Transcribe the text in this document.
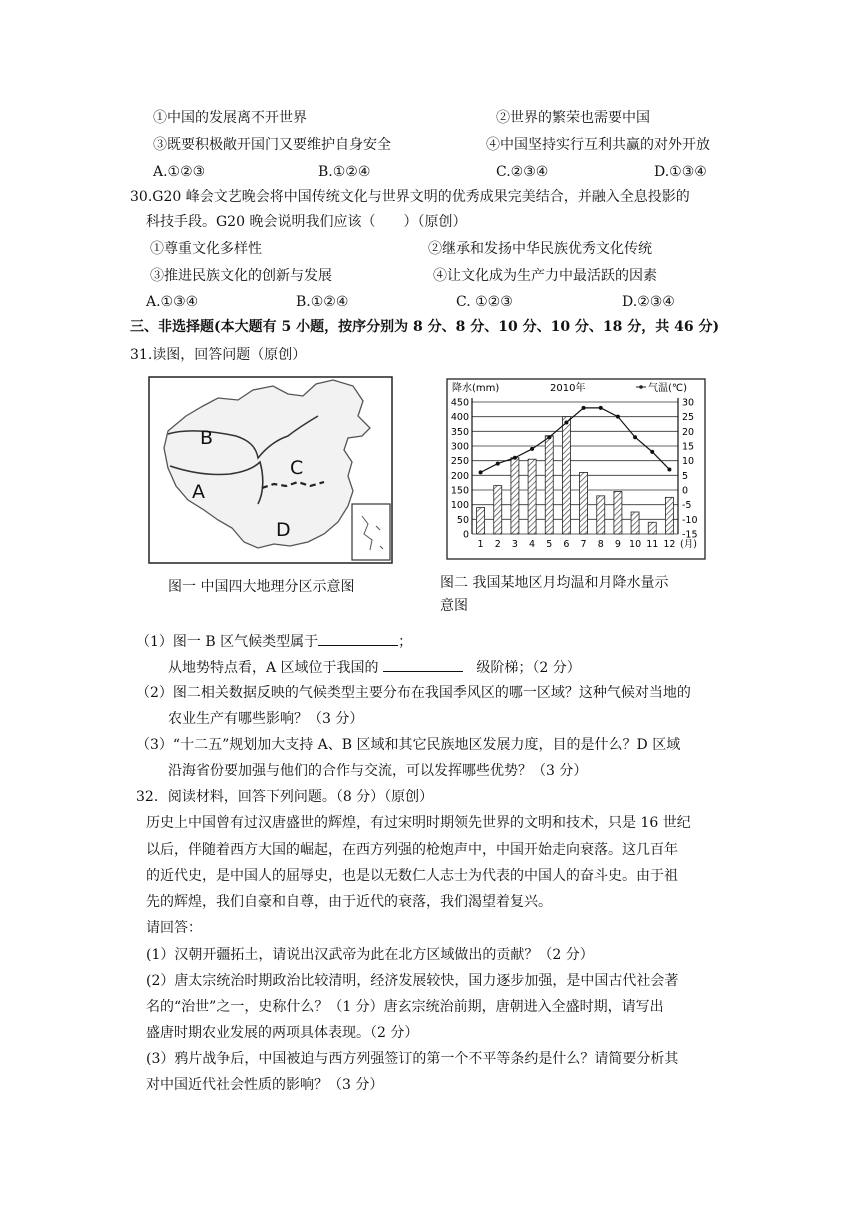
①中国的发展离不开世界	②世界的繁荣也需要中国
③既要积极敞开国门又要维护自身安全	④中国坚持实行互利共赢的对外开放
A.①②③	B.①②④	C.②③④	D.①③④
30.G20 峰会文艺晚会将中国传统文化与世界文明的优秀成果完美结合，并融入全息投影的
科技手段。G20 晚会说明我们应该（　　）（原创）
①尊重文化多样性	②继承和发扬中华民族优秀文化传统
③推进民族文化的创新与发展	④让文化成为生产力中最活跃的因素
A.①③④	B.①②④	C. ①②③	D.②③④
三、非选择题(本大题有 5 小题，按序分别为 8 分、8 分、10 分、10 分、18 分，共 46 分)
31.读图，回答问题（原创）
B
A
C
D
图一 中国四大地理分区示意图
降水(mm)	2010年	气温(℃)
450
400
350
300
250
200
150
100
50
0
30
25
20
15
10
5
0
-5
-10
-15
1 2 3 4 5 6 7 8 9 10 11 12 (月)
图二 我国某地区月均温和月降水量示
意图
（1）图一 B 区气候类型属于	；
从地势特点看，A 区域位于我国的	级阶梯；（2 分）
（2）图二相关数据反映的气候类型主要分布在我国季风区的哪一区域？这种气候对当地的
农业生产有哪些影响？（3 分）
（3）“十二五”规划加大支持 A、B 区域和其它民族地区发展力度，目的是什么？D 区域
沿海省份要加强与他们的合作与交流，可以发挥哪些优势？（3 分）
32．阅读材料，回答下列问题。（8 分）（原创）
历史上中国曾有过汉唐盛世的辉煌，有过宋明时期领先世界的文明和技术，只是 16 世纪
以后，伴随着西方大国的崛起，在西方列强的枪炮声中，中国开始走向衰落。这几百年
的近代史，是中国人的屈辱史，也是以无数仁人志士为代表的中国人的奋斗史。由于祖
先的辉煌，我们自豪和自尊，由于近代的衰落，我们渴望着复兴。
请回答：
(1）汉朝开疆拓土，请说出汉武帝为此在北方区域做出的贡献？（2 分）
(2）唐太宗统治时期政治比较清明，经济发展较快，国力逐步加强，是中国古代社会著
名的“治世”之一，史称什么？（1 分）唐玄宗统治前期，唐朝进入全盛时期，请写出
盛唐时期农业发展的两项具体表现。（2 分）
(3）鸦片战争后，中国被迫与西方列强签订的第一个不平等条约是什么？请简要分析其
对中国近代社会性质的影响？（3 分）
